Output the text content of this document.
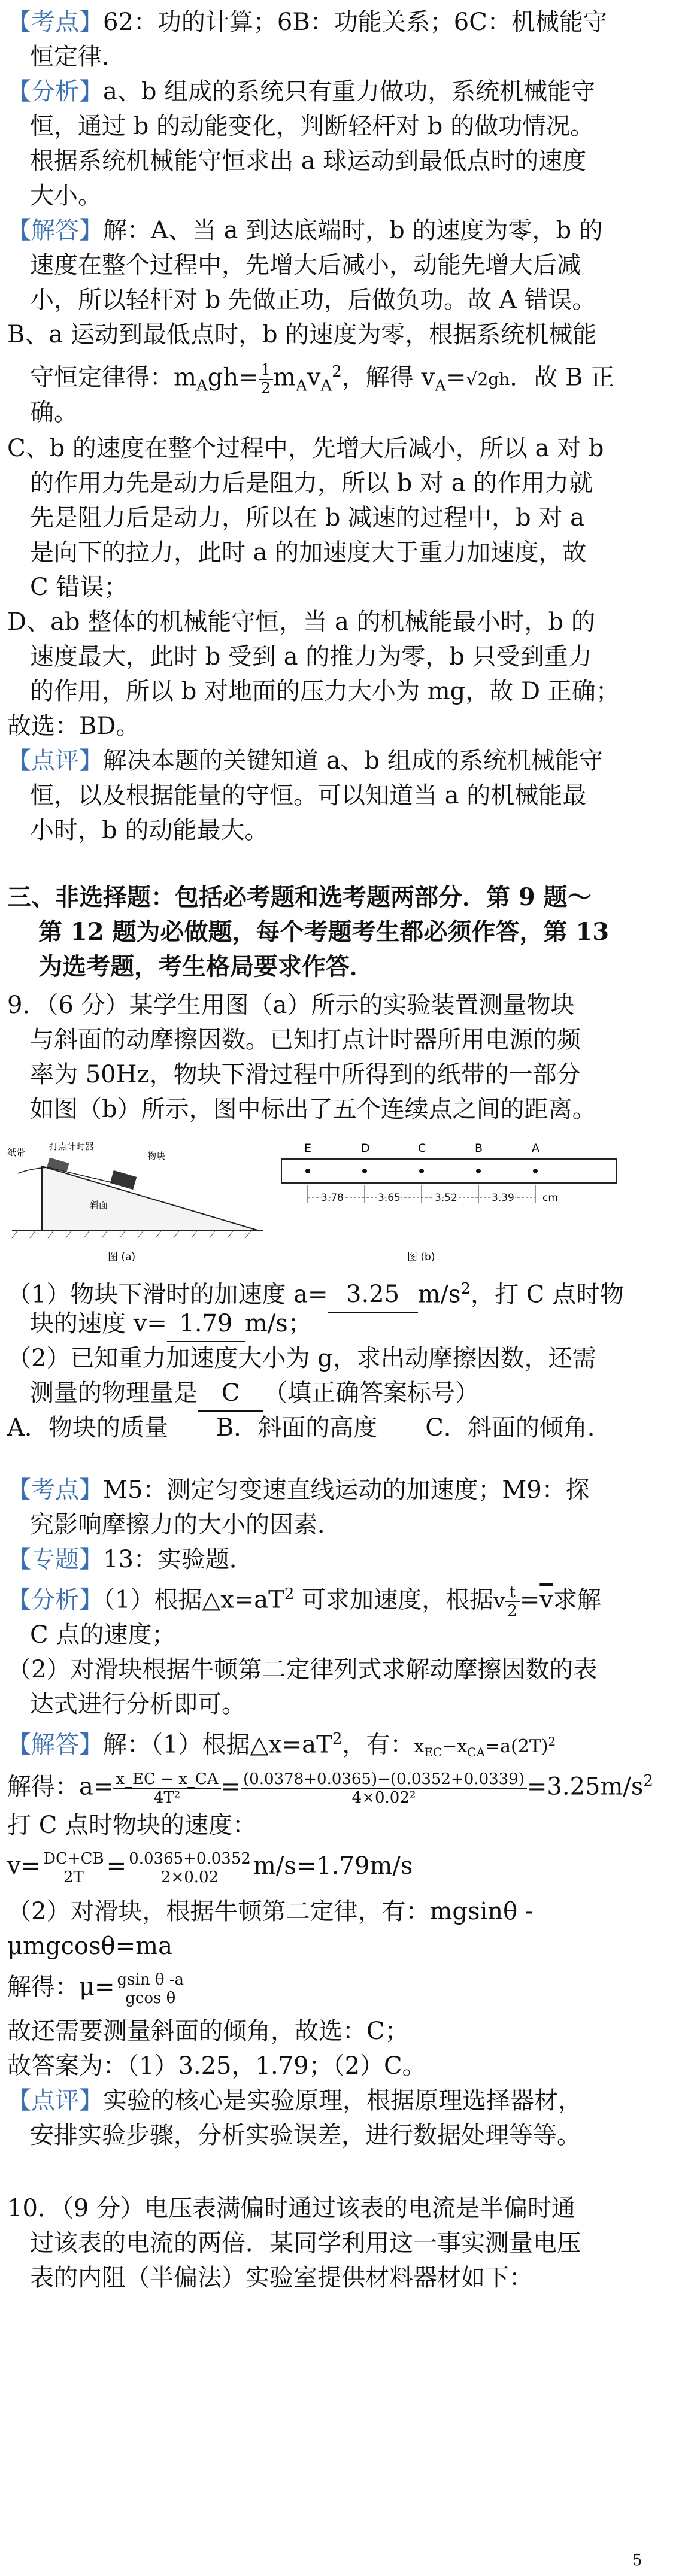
【考点】62：功的计算；6B：功能关系；6C：机械能守
恒定律．
【分析】a、b 组成的系统只有重力做功，系统机械能守
恒，通过 b 的动能变化，判断轻杆对 b 的做功情况。
根据系统机械能守恒求出 a 球运动到最低点时的速度
大小。
【解答】解：A、当 a 到达底端时，b 的速度为零，b 的
速度在整个过程中，先增大后减小，动能先增大后减
小，所以轻杆对 b 先做正功，后做负功。故 A 错误。
B、a 运动到最低点时，b 的速度为零，根据系统机械能
守恒定律得：$m_Agh= \frac{1}{2} m_Av_A^2$，解得 $v_A=√2gh$．故 B 正
确。
C、b 的速度在整个过程中，先增大后减小，所以 a 对 b
的作用力先是动力后是阻力，所以 b 对 a 的作用力就
先是阻力后是动力，所以在 b 减速的过程中，b 对 a
是向下的拉力，此时 a 的加速度大于重力加速度，故
C 错误；
D、ab 整体的机械能守恒，当 a 的机械能最小时，b 的
速度最大，此时 b 受到 a 的推力为零，b 只受到重力
的作用，所以 b 对地面的压力大小为 mg，故 D 正确；
故选：BD。
【点评】解决本题的关键知道 a、b 组成的系统机械能守
恒，以及根据能量的守恒。可以知道当 a 的机械能最
小时，b 的动能最大。
三、非选择题：包括必考题和选考题两部分．第 9 题～
第 12 题为必做题，每个考题考生都必须作答，第 13
为选考题，考生格局要求作答．
9．（6 分）某学生用图（a）所示的实验装置测量物块
与斜面的动摩擦因数。已知打点计时器所用电源的频
率为 50Hz，物块下滑过程中所得到的纸带的一部分
如图（b）所示，图中标出了五个连续点之间的距离。
纸带
打点计时器
物块
斜面
图 (a)
E	D	C	B	A
3.78	3.65	3.52	3.39	cm
图 (b)
（1）物块下滑时的加速度 a= 3.25 $m/s^2$，打 C 点时物
块的速度 v= 1.79 m/s；
（2）已知重力加速度大小为 g，求出动摩擦因数，还需
测量的物理量是 C （填正确答案标号）
A．物块的质量　　B．斜面的高度　　C．斜面的倾角．
【考点】M5：测定匀变速直线运动的加速度；M9：探
究影响摩擦力的大小的因素．
【专题】13：实验题．
【分析】（1）根据$\triangle x=aT^2$ 可求加速度，根据v $\frac{t}{2} =\overline{v}$求解
C 点的速度；
（2）对滑块根据牛顿第二定律列式求解动摩擦因数的表
达式进行分析即可。
【解答】解：（1）根据$\triangle x=aT^2$，有：$x_{EC}-x_{CA}=a(2T)^2$
解得：$a= \frac{x\_EC - x\_CA}{\text{4T²}} = \frac{(0.0378+0.0365)-(0.0352+0.0339)}{\text{4×0.02²}} =3.25m/s^2$
打 C 点时物块的速度：
$v= \frac{DC+CB}{2T} = \frac{0.0365+0.0352}{2\times 0.02} m/s=1.79m/s$
（2）对滑块，根据牛顿第二定律，有：mgsinθ -
μmgcosθ=ma
解得：$\mu= \frac{\text{gsin θ -a}}{\text{gcos θ}}$
故还需要测量斜面的倾角，故选：C；
故答案为：（1）3.25，1.79；（2）C。
【点评】实验的核心是实验原理，根据原理选择器材，
安排实验步骤，分析实验误差，进行数据处理等等。
10．（9 分）电压表满偏时通过该表的电流是半偏时通
过该表的电流的两倍．某同学利用这一事实测量电压
表的内阻（半偏法）实验室提供材料器材如下：
5
